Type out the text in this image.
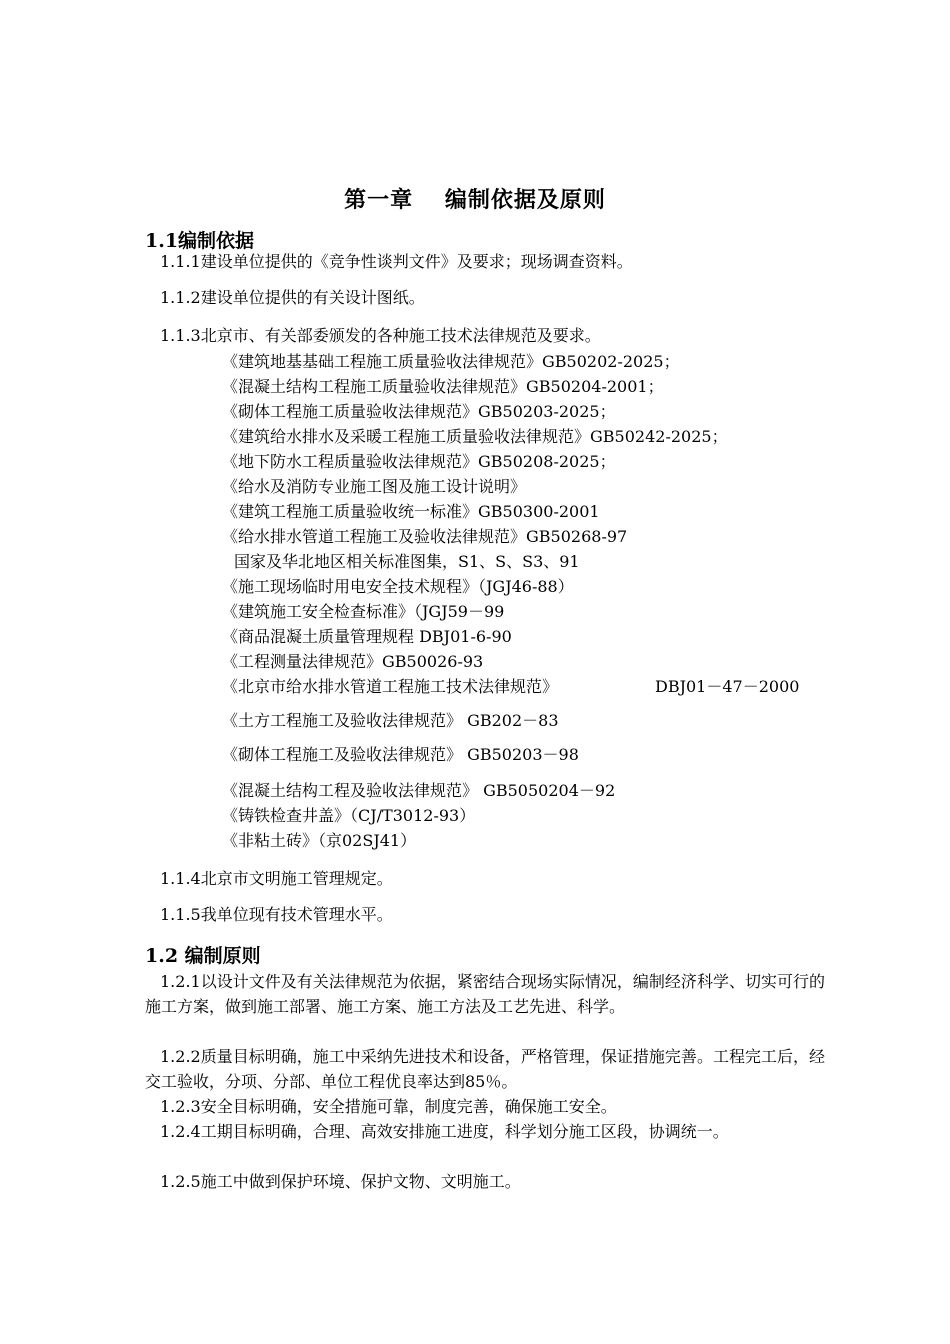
第一章　 编制依据及原则
1.1编制依据
1.1.1建设单位提供的《竞争性谈判文件》及要求；现场调查资料。
1.1.2建设单位提供的有关设计图纸。
1.1.3北京市、有关部委颁发的各种施工技术法律规范及要求。
《建筑地基基础工程施工质量验收法律规范》GB50202-2025；
《混凝土结构工程施工质量验收法律规范》GB50204-2001；
《砌体工程施工质量验收法律规范》GB50203-2025；
《建筑给水排水及采暖工程施工质量验收法律规范》GB50242-2025；
《地下防水工程质量验收法律规范》GB50208-2025；
《给水及消防专业施工图及施工设计说明》
《建筑工程施工质量验收统一标准》GB50300-2001
《给水排水管道工程施工及验收法律规范》GB50268-97
国家及华北地区相关标准图集，S1、S、S3、91
《施工现场临时用电安全技术规程》（JGJ46-88）
《建筑施工安全检查标准》（JGJ59－99
《商品混凝土质量管理规程 DBJ01-6-90
《工程测量法律规范》GB50026-93
《北京市给水排水管道工程施工技术法律规范》	DBJ01－47－2000
《土方工程施工及验收法律规范》 GB202－83
《砌体工程施工及验收法律规范》 GB50203－98
《混凝土结构工程及验收法律规范》 GB5050204－92
《铸铁检查井盖》（CJ/T3012-93）
《非粘土砖》（京02SJ41）
1.1.4北京市文明施工管理规定。
1.1.5我单位现有技术管理水平。
1.2 编制原则
1.2.1以设计文件及有关法律规范为依据，紧密结合现场实际情况，编制经济科学、切实可行的施工方案，做到施工部署、施工方案、施工方法及工艺先进、科学。
1.2.2质量目标明确，施工中采纳先进技术和设备，严格管理，保证措施完善。工程完工后，经交工验收，分项、分部、单位工程优良率达到85％。
1.2.3安全目标明确，安全措施可靠，制度完善，确保施工安全。
1.2.4工期目标明确，合理、高效安排施工进度，科学划分施工区段，协调统一。
1.2.5施工中做到保护环境、保护文物、文明施工。
